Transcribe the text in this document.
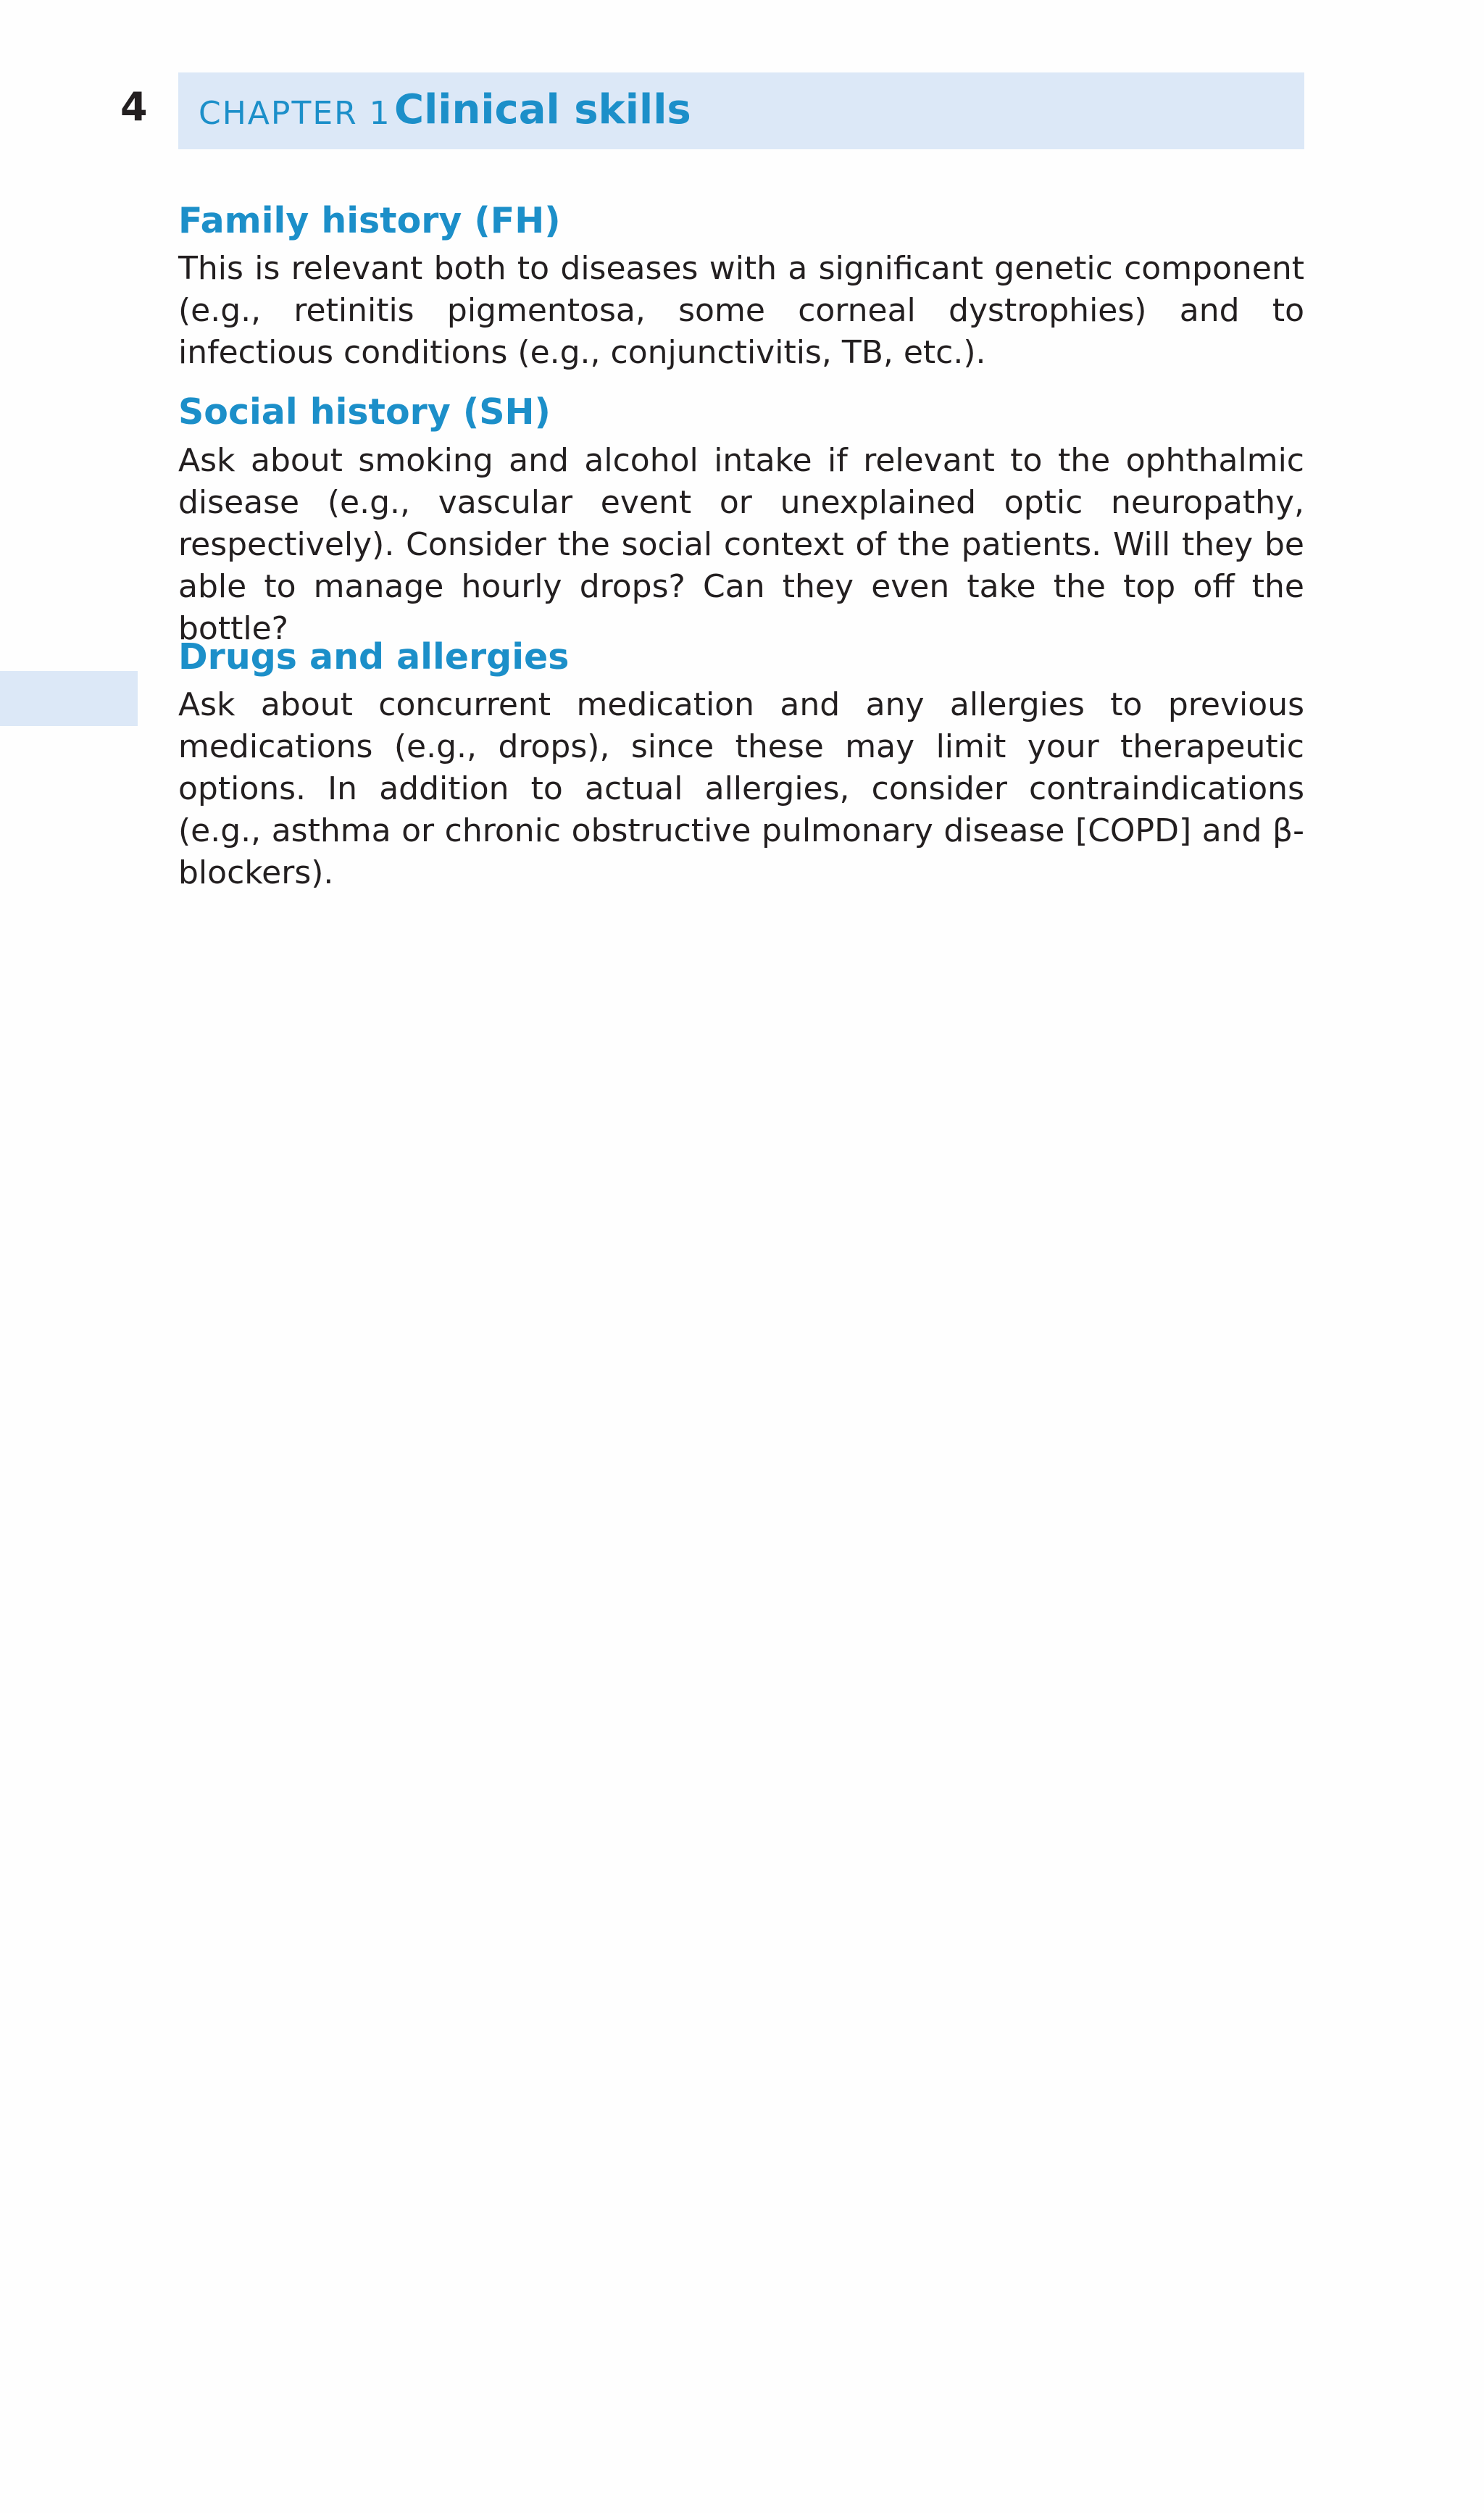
4 CHAPTER 1 Clinical skills
Family history (FH)

This is relevant both to diseases with a significant genetic component (e.g., retinitis pigmentosa, some corneal dystrophies) and to infectious conditions (e.g., conjunctivitis, TB, etc.).

Social history (SH)

Ask about smoking and alcohol intake if relevant to the ophthalmic disease (e.g., vascular event or unexplained optic neuropathy, respectively). Consider the social context of the patients. Will they be able to manage hourly drops? Can they even take the top off the bottle?

Drugs and allergies

Ask about concurrent medication and any allergies to previous medications (e.g., drops), since these may limit your therapeutic options. In addition to actual allergies, consider contraindications (e.g., asthma or chronic obstructive pulmonary disease [COPD] and β-blockers).
